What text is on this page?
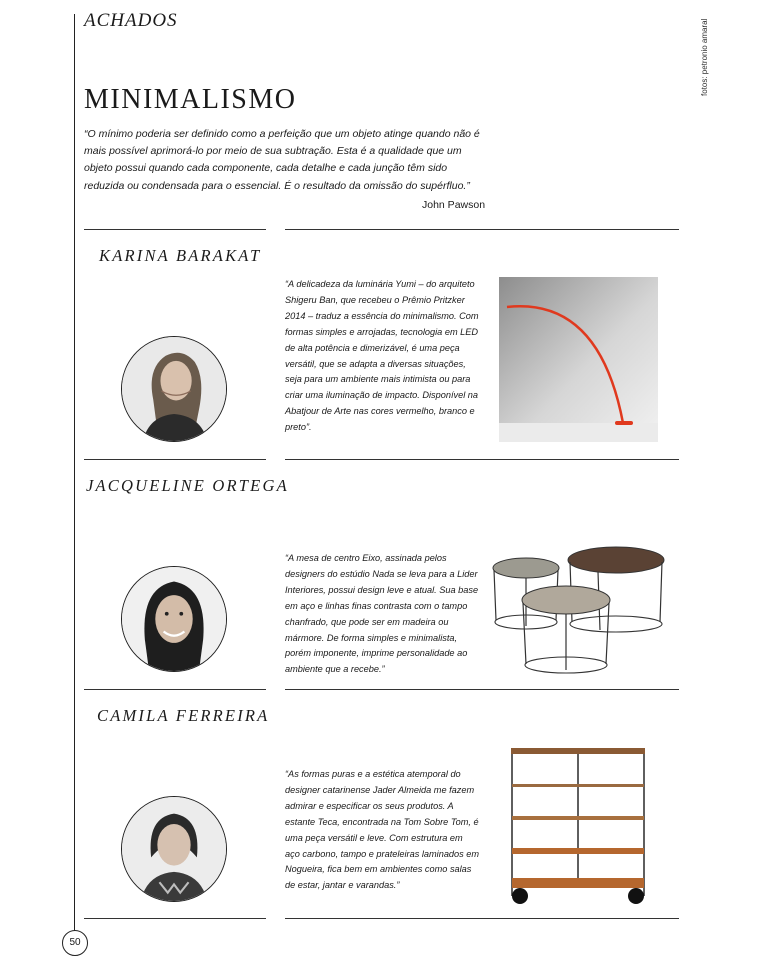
ACHADOS	fotos: petronio amaral
MINIMALISMO
“O mínimo poderia ser definido como a perfeição que um objeto atinge quando não é mais possível aprimorá-lo por meio de sua subtração. Esta é a qualidade que um objeto possui quando cada componente, cada detalhe e cada junção têm sido reduzida ou condensada para o essencial. É o resultado da omissão do supérfluo.”
John Pawson
KARINA BARAKAT
“A delicadeza da luminária Yumi – do arquiteto Shigeru Ban, que recebeu o Prêmio Pritzker 2014 – traduz a essência do minimalismo. Com formas simples e arrojadas, tecnologia em LED de alta potência e dimerizável, é uma peça versátil, que se adapta a diversas situações, seja para um ambiente mais intimista ou para criar uma iluminação de impacto. Disponível na Abatjour de Arte nas cores vermelho, branco e preto”.
JACQUELINE ORTEGA
“A mesa de centro Eixo, assinada pelos designers do estúdio Nada se leva para a Lider Interiores, possui design leve e atual. Sua base em aço e linhas finas contrasta com o tampo chanfrado, que pode ser em madeira ou mármore. De forma simples e minimalista, porém imponente, imprime personalidade ao ambiente que a recebe.”
CAMILA FERREIRA
“As formas puras e a estética atemporal do designer catarinense Jader Almeida me fazem admirar e especificar os seus produtos. A estante Teca, encontrada na Tom Sobre Tom, é uma peça versátil e leve. Com estrutura em aço carbono, tampo e prateleiras laminados em Nogueira, fica bem em ambientes como salas de estar, jantar e varandas.”
50
